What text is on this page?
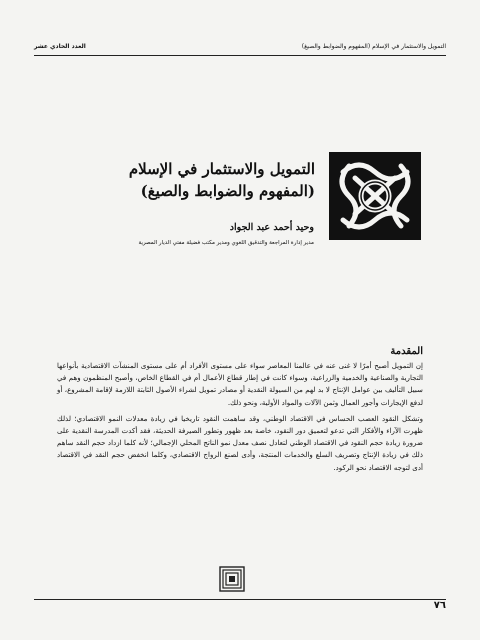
العدد الحادي عشر	التمويل والاستثمار في الإسلام (المفهوم والضوابط والصيغ)
التمويل والاستثمار في الإسلام
(المفهوم والضوابط والصيغ)
وحيد أحمد عبد الجواد
مدير إدارة المراجعة والتدقيق اللغوي ومدير مكتب فضيلة مفتي الديار المصرية
المقدمة

إن التمويل أصبح أمرًا لا غنى عنه في عالمنا المعاصر سواء على مستوى الأفراد أم على مستوى المنشآت الاقتصادية بأنواعها التجارية والصناعية والخدمية والزراعية، وسواء كانت في إطار قطاع الأعمال أم في القطاع الخاص، وأصبح المنظمون وهم في سبيل التأليف بين عوامل الإنتاج لا بد لهم من السيولة النقدية أو مصادر تمويل لشراء الأصول الثابتة اللازمة لإقامة المشروع، أو لدفع الإيجارات وأجور العمال وثمن الآلات والمواد الأولية، ونحو ذلك.

وتشكل النقود العصب الحساس في الاقتصاد الوطني، وقد ساهمت النقود تاريخيا في زيادة معدلات النمو الاقتصادي؛ لذلك ظهرت الآراء والأفكار التي تدعو لتعميق دور النقود، خاصة بعد ظهور وتطور الصيرفة الحديثة، فقد أكدت المدرسة النقدية على ضرورة زيادة حجم النقود في الاقتصاد الوطني لتعادل نصف معدل نمو الناتج المحلي الإجمالي؛ لأنه كلما ازداد حجم النقد ساهم ذلك في زيادة الإنتاج وتصريف السلع والخدمات المنتجة، وأدى لصنع الرواج الاقتصادي، وكلما انخفض حجم النقد في الاقتصاد أدى لتوجه الاقتصاد نحو الركود.

٧٦
